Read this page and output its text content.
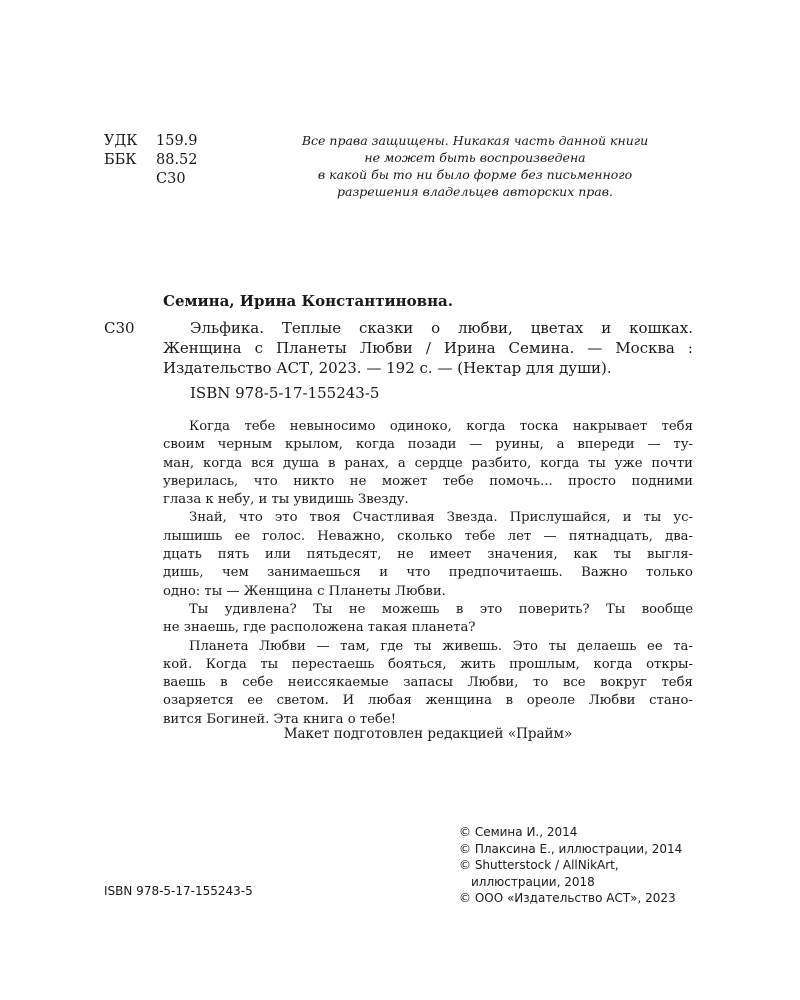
УДК	159.9
ББК	88.52
С30
Все права защищены. Никакая часть данной книги
не может быть воспроизведена
в какой бы то ни было форме без письменного
разрешения владельцев авторских прав.
Семина, Ирина Константиновна.
С30	Эльфика. Теплые сказки о любви, цветах и кошках.
Женщина с Планеты Любви / Ирина Семина. — Москва :
Издательство АСТ, 2023. — 192 с. — (Нектар для души).
ISBN 978-5-17-155243-5
Когда тебе невыносимо одиноко, когда тоска накрывает тебя
своим черным крылом, когда позади — руины, а впереди — ту-
ман, когда вся душа в ранах, а сердце разбито, когда ты уже почти
уверилась, что никто не может тебе помочь... просто подними
глаза к небу, и ты увидишь Звезду.
Знай, что это твоя Счастливая Звезда. Прислушайся, и ты ус-
лышишь ее голос. Неважно, сколько тебе лет — пятнадцать, два-
дцать пять или пятьдесят, не имеет значения, как ты выгля-
дишь, чем занимаешься и что предпочитаешь. Важно только
одно: ты — Женщина с Планеты Любви.
Ты удивлена? Ты не можешь в это поверить? Ты вообще
не знаешь, где расположена такая планета?
Планета Любви — там, где ты живешь. Это ты делаешь ее та-
кой. Когда ты перестаешь бояться, жить прошлым, когда откры-
ваешь в себе неиссякаемые запасы Любви, то все вокруг тебя
озаряется ее светом. И любая женщина в ореоле Любви стано-
вится Богиней. Эта книга о тебе!
Макет подготовлен редакцией «Прайм»
© Семина И., 2014
© Плаксина Е., иллюстрации, 2014
© Shutterstock / AllNikArt,
иллюстрации, 2018
© ООО «Издательство АСТ», 2023
ISBN 978-5-17-155243-5
